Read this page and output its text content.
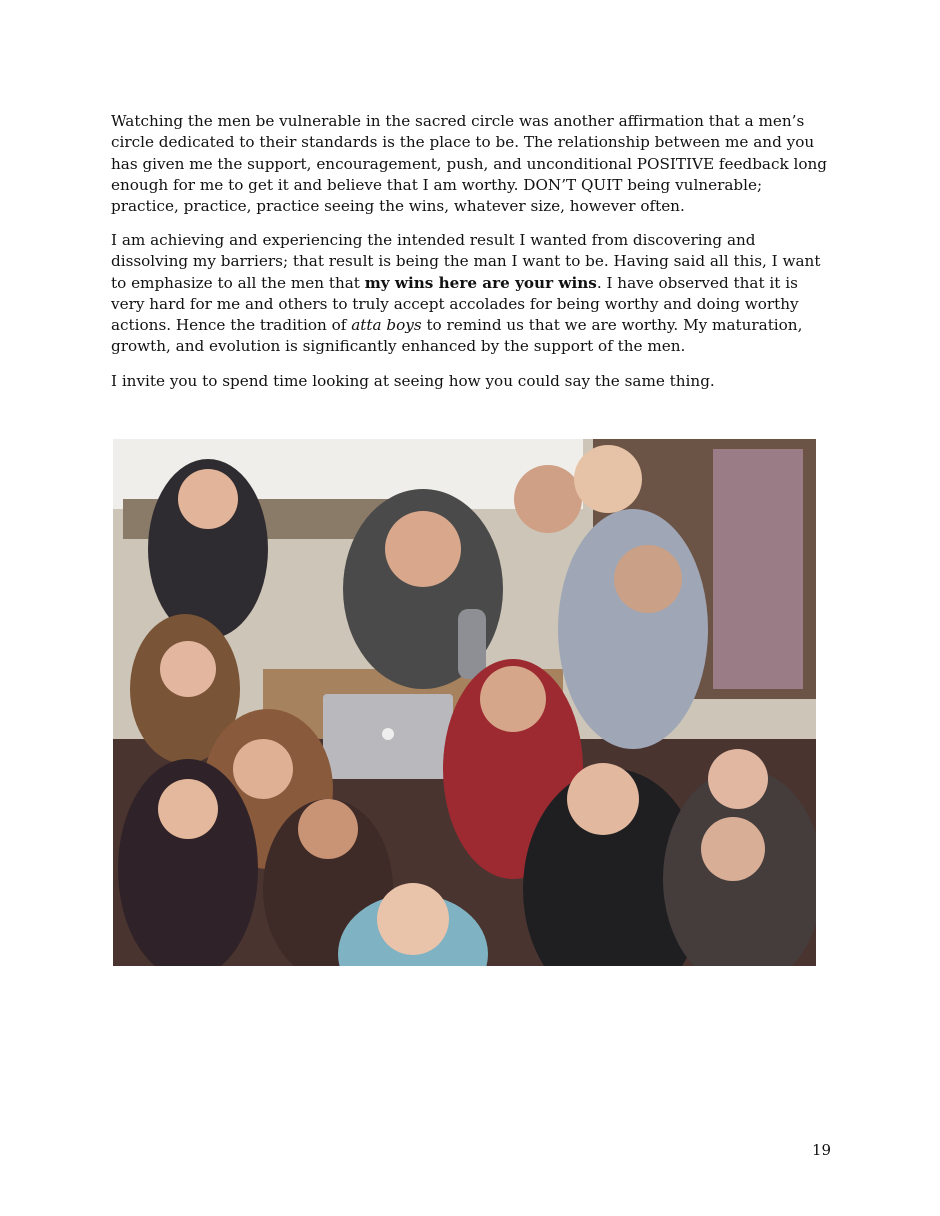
Watching the men be vulnerable in the sacred circle was another affirmation that a men’s circle dedicated to their standards is the place to be. The relationship between me and you has given me the support, encouragement, push, and unconditional POSITIVE feedback long enough for me to get it and believe that I am worthy. DON’T QUIT being vulnerable; practice, practice, practice seeing the wins, whatever size, however often.

I am achieving and experiencing the intended result I wanted from discovering and dissolving my barriers; that result is being the man I want to be. Having said all this, I want to emphasize to all the men that my wins here are your wins. I have observed that it is very hard for me and others to truly accept accolades for being worthy and doing worthy actions. Hence the tradition of atta boys to remind us that we are worthy. My maturation, growth, and evolution is significantly enhanced by the support of the men.

I invite you to spend time looking at seeing how you could say the same thing.

19
